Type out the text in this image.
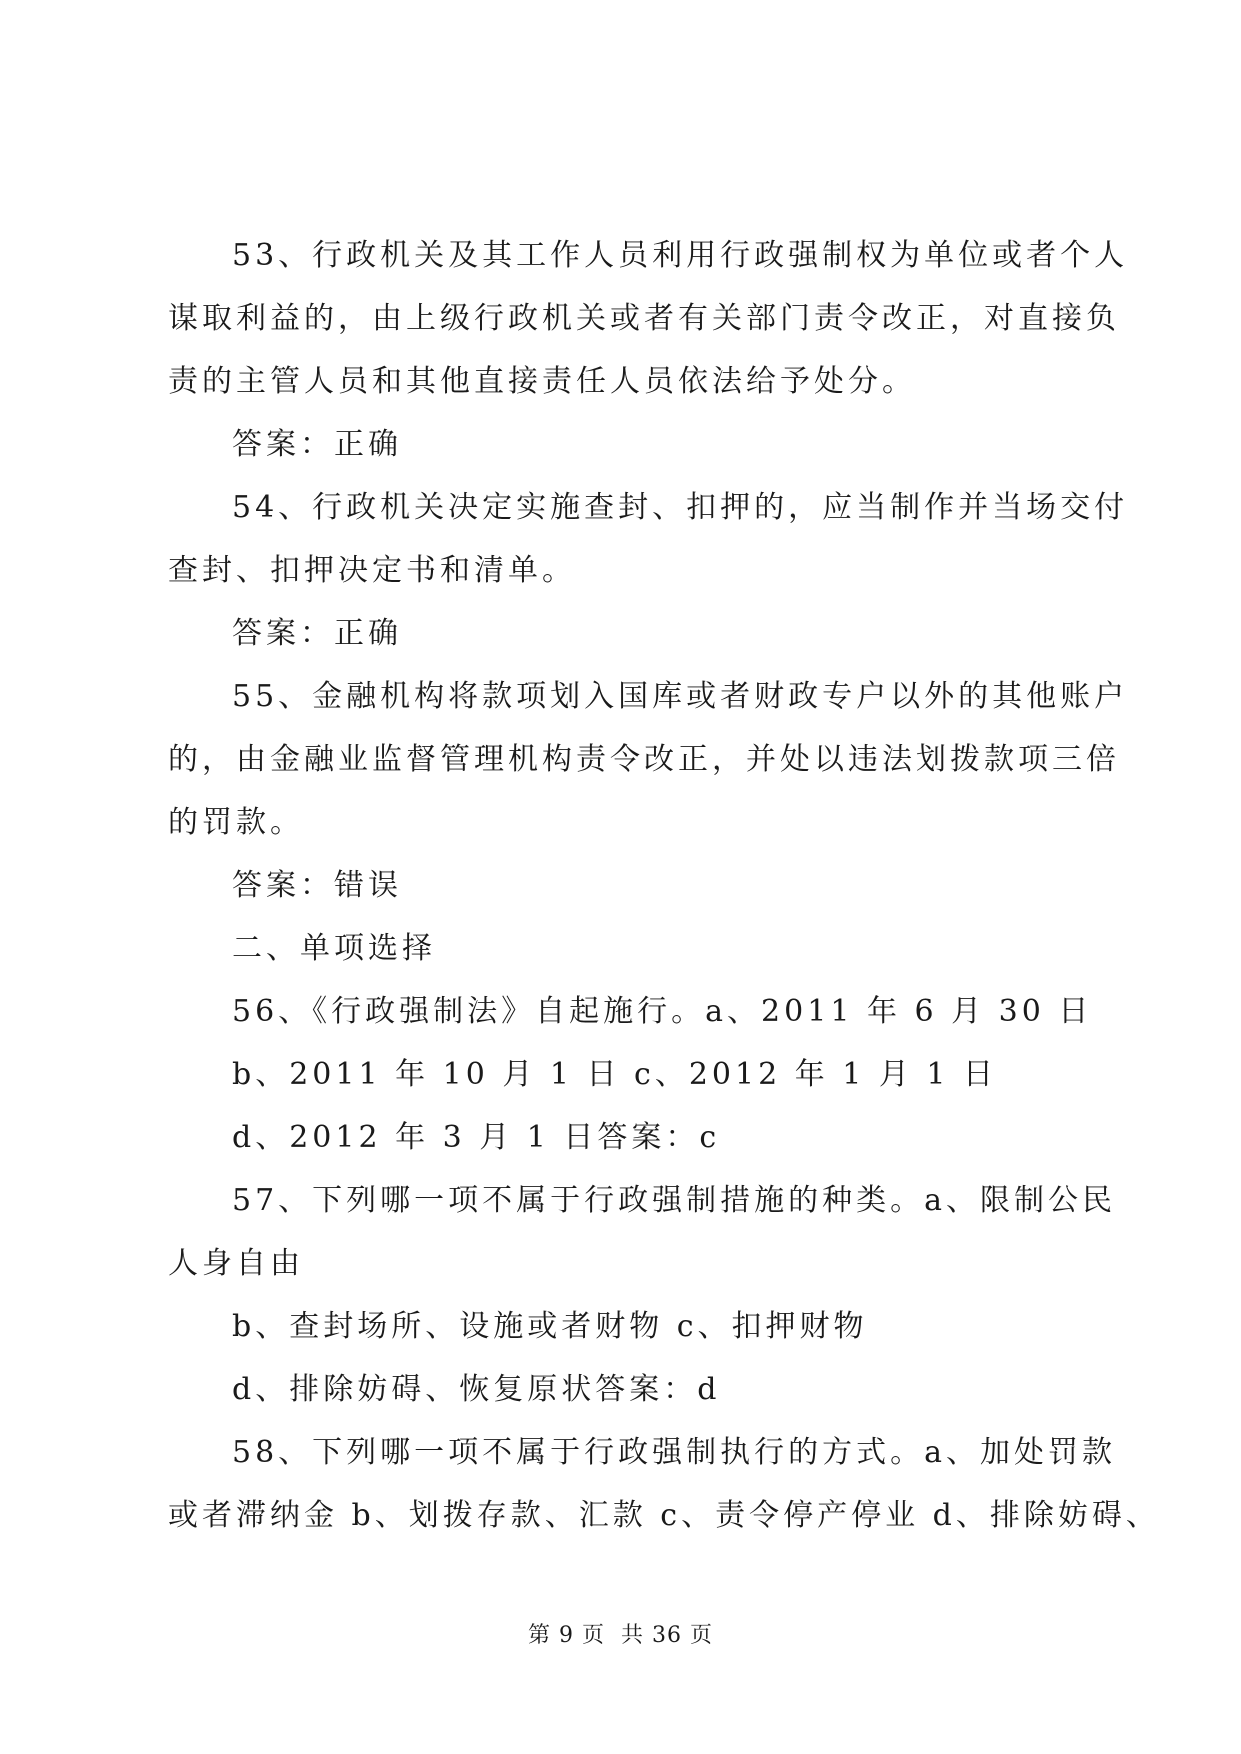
53、行政机关及其工作人员利用行政强制权为单位或者个人
谋取利益的，由上级行政机关或者有关部门责令改正，对直接负
责的主管人员和其他直接责任人员依法给予处分。
答案：正确
54、行政机关决定实施查封、扣押的，应当制作并当场交付
查封、扣押决定书和清单。
答案：正确
55、金融机构将款项划入国库或者财政专户以外的其他账户
的，由金融业监督管理机构责令改正，并处以违法划拨款项三倍
的罚款。
答案：错误
二、单项选择
56、《行政强制法》自起施行。a、2011 年 6 月 30 日
b、2011 年 10 月 1 日 c、2012 年 1 月 1 日
d、2012 年 3 月 1 日答案：c
57、下列哪一项不属于行政强制措施的种类。a、限制公民
人身自由
b、查封场所、设施或者财物 c、扣押财物
d、排除妨碍、恢复原状答案：d
58、下列哪一项不属于行政强制执行的方式。a、加处罚款
或者滞纳金 b、划拨存款、汇款 c、责令停产停业 d、排除妨碍、
第 9 页 共 36 页
